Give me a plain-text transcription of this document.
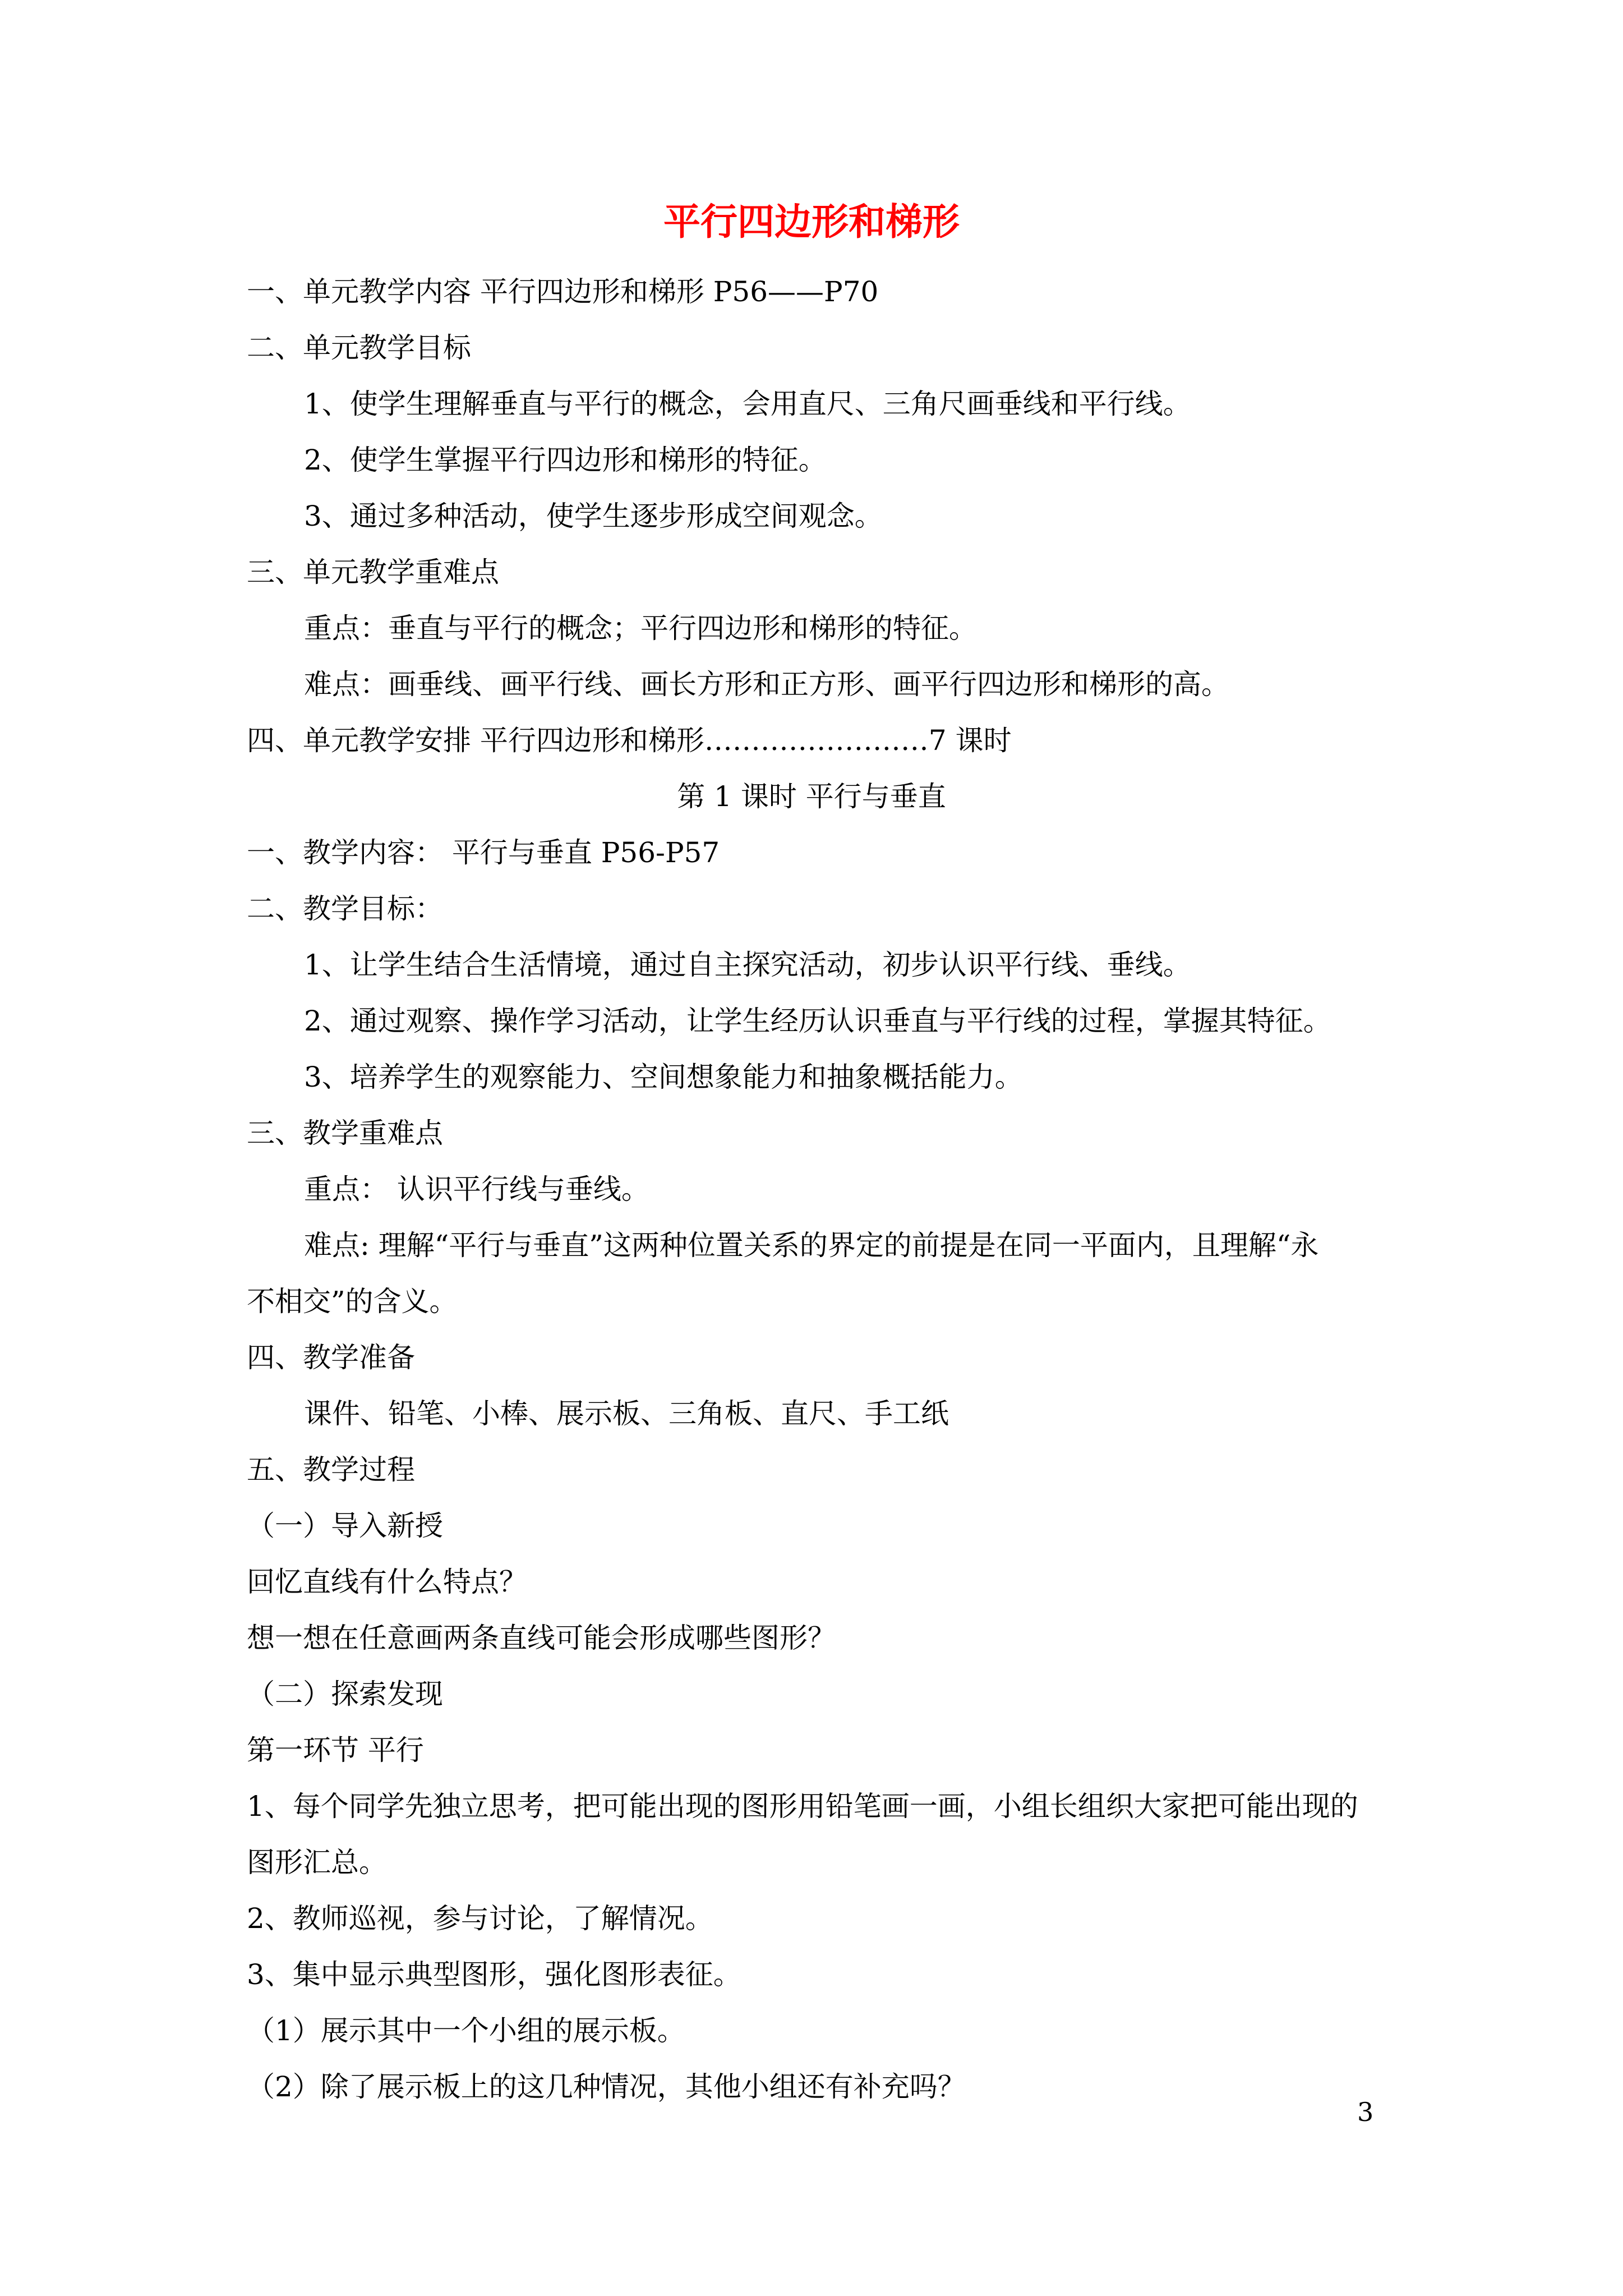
平行四边形和梯形
一、单元教学内容 平行四边形和梯形 P56——P70
二、单元教学目标
1、使学生理解垂直与平行的概念，会用直尺、三角尺画垂线和平行线。
2、使学生掌握平行四边形和梯形的特征。
3、通过多种活动，使学生逐步形成空间观念。
三、单元教学重难点
重点：垂直与平行的概念；平行四边形和梯形的特征。
难点：画垂线、画平行线、画长方形和正方形、画平行四边形和梯形的高。
四、单元教学安排 平行四边形和梯形……………………7 课时
第 1 课时 平行与垂直
一、教学内容： 平行与垂直 P56-P57
二、教学目标：
1、让学生结合生活情境，通过自主探究活动，初步认识平行线、垂线。
2、通过观察、操作学习活动，让学生经历认识垂直与平行线的过程，掌握其特征。
3、培养学生的观察能力、空间想象能力和抽象概括能力。
三、教学重难点
重点： 认识平行线与垂线。
难点: 理解“平行与垂直”这两种位置关系的界定的前提是在同一平面内，且理解“永
不相交”的含义。
四、教学准备
课件、铅笔、小棒、展示板、三角板、直尺、手工纸
五、教学过程
（一）导入新授
回忆直线有什么特点？
想一想在任意画两条直线可能会形成哪些图形？
（二）探索发现
第一环节 平行
1、每个同学先独立思考，把可能出现的图形用铅笔画一画，小组长组织大家把可能出现的
图形汇总。
2、教师巡视，参与讨论，了解情况。
3、集中显示典型图形，强化图形表征。
（1）展示其中一个小组的展示板。
（2）除了展示板上的这几种情况，其他小组还有补充吗？
3
